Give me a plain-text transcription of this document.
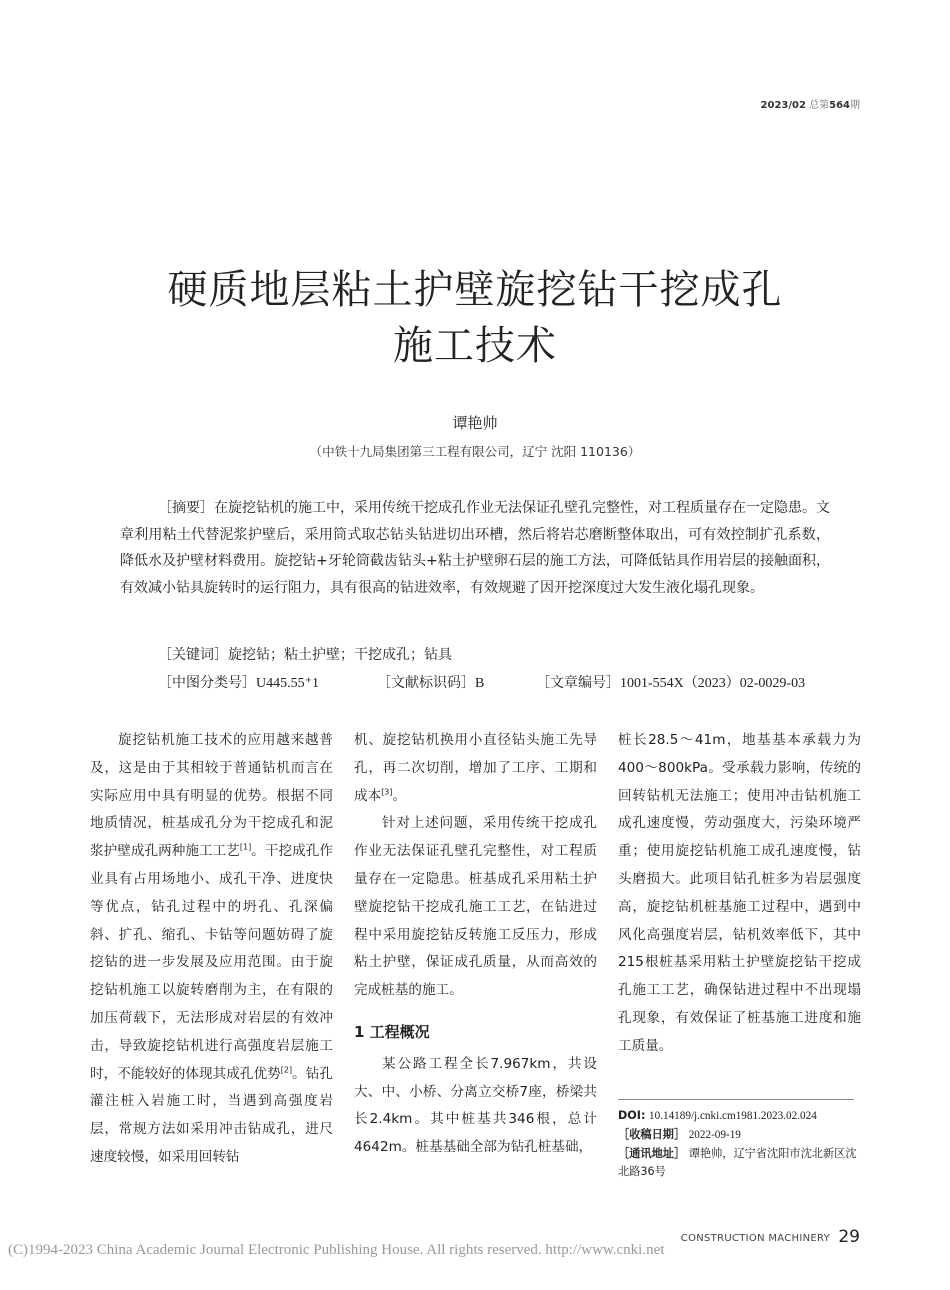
2023/02 总第564期
硬质地层粘土护壁旋挖钻干挖成孔
施工技术
谭艳帅
（中铁十九局集团第三工程有限公司，辽宁 沈阳 110136）
［摘要］在旋挖钻机的施工中，采用传统干挖成孔作业无法保证孔壁孔完整性，对工程质量存在一定隐患。文章利用粘土代替泥浆护壁后，采用筒式取芯钻头钻进切出环槽，然后将岩芯磨断整体取出，可有效控制扩孔系数，降低水及护壁材料费用。旋挖钻+牙轮筒截齿钻头+粘土护壁卵石层的施工方法，可降低钻具作用岩层的接触面积，有效减小钻具旋转时的运行阻力，具有很高的钻进效率，有效规避了因开挖深度过大发生液化塌孔现象。
［关键词］旋挖钻；粘土护壁；干挖成孔；钻具
［中图分类号］U445.55⁺1	［文献标识码］B	［文章编号］1001-554X（2023）02-0029-03

旋挖钻机施工技术的应用越来越普及，这是由于其相较于普通钻机而言在实际应用中具有明显的优势。根据不同地质情况，桩基成孔分为干挖成孔和泥浆护壁成孔两种施工工艺[1]。干挖成孔作业具有占用场地小、成孔干净、进度快等优点，钻孔过程中的坍孔、孔深偏斜、扩孔、缩孔、卡钻等问题妨碍了旋挖钻的进一步发展及应用范围。由于旋挖钻机施工以旋转磨削为主，在有限的加压荷载下，无法形成对岩层的有效冲击，导致旋挖钻机进行高强度岩层施工时，不能较好的体现其成孔优势[2]。钻孔灌注桩入岩施工时，当遇到高强度岩层，常规方法如采用冲击钻成孔，进尺速度较慢，如采用回转钻

机、旋挖钻机换用小直径钻头施工先导孔，再二次切削，增加了工序、工期和成本[3]。

针对上述问题，采用传统干挖成孔作业无法保证孔壁孔完整性，对工程质量存在一定隐患。桩基成孔采用粘土护壁旋挖钻干挖成孔施工工艺，在钻进过程中采用旋挖钻反转施工反压力，形成粘土护壁，保证成孔质量，从而高效的完成桩基的施工。

1 工程概况

某公路工程全长7.967km，共设大、中、小桥、分离立交桥7座，桥梁共长2.4km。其中桩基共346根，总计4642m。桩基基础全部为钻孔桩基础，

桩长28.5～41m，地基基本承载力为400～800kPa。受承载力影响，传统的回转钻机无法施工；使用冲击钻机施工成孔速度慢，劳动强度大，污染环境严重；使用旋挖钻机施工成孔速度慢，钻头磨损大。此项目钻孔桩多为岩层强度高，旋挖钻机桩基施工过程中，遇到中风化高强度岩层，钻机效率低下，其中215根桩基采用粘土护壁旋挖钻干挖成孔施工工艺，确保钻进过程中不出现塌孔现象，有效保证了桩基施工进度和施工质量。

DOI: 10.14189/j.cnki.cm1981.2023.02.024
［收稿日期］ 2022-09-19
［通讯地址］ 谭艳帅，辽宁省沈阳市沈北新区沈北路36号
CONSTRUCTION MACHINERY 29
(C)1994-2023 China Academic Journal Electronic Publishing House. All rights reserved. http://www.cnki.net
